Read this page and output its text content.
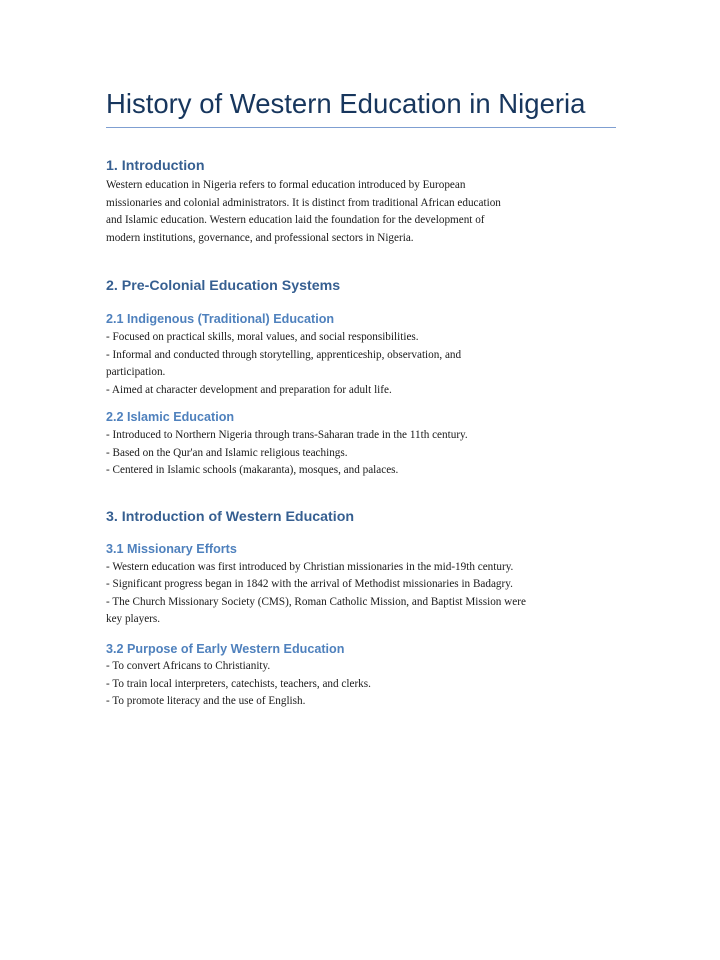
History of Western Education in Nigeria
1. Introduction

Western education in Nigeria refers to formal education introduced by European
missionaries and colonial administrators. It is distinct from traditional African education
and Islamic education. Western education laid the foundation for the development of
modern institutions, governance, and professional sectors in Nigeria.

2. Pre-Colonial Education Systems
2.1 Indigenous (Traditional) Education

- Focused on practical skills, moral values, and social responsibilities.
- Informal and conducted through storytelling, apprenticeship, observation, and
participation.
- Aimed at character development and preparation for adult life.

2.2 Islamic Education

- Introduced to Northern Nigeria through trans-Saharan trade in the 11th century.
- Based on the Qur'an and Islamic religious teachings.
- Centered in Islamic schools (makaranta), mosques, and palaces.

3. Introduction of Western Education
3.1 Missionary Efforts

- Western education was first introduced by Christian missionaries in the mid-19th century.
- Significant progress began in 1842 with the arrival of Methodist missionaries in Badagry.
- The Church Missionary Society (CMS), Roman Catholic Mission, and Baptist Mission were
key players.

3.2 Purpose of Early Western Education

- To convert Africans to Christianity.
- To train local interpreters, catechists, teachers, and clerks.
- To promote literacy and the use of English.
